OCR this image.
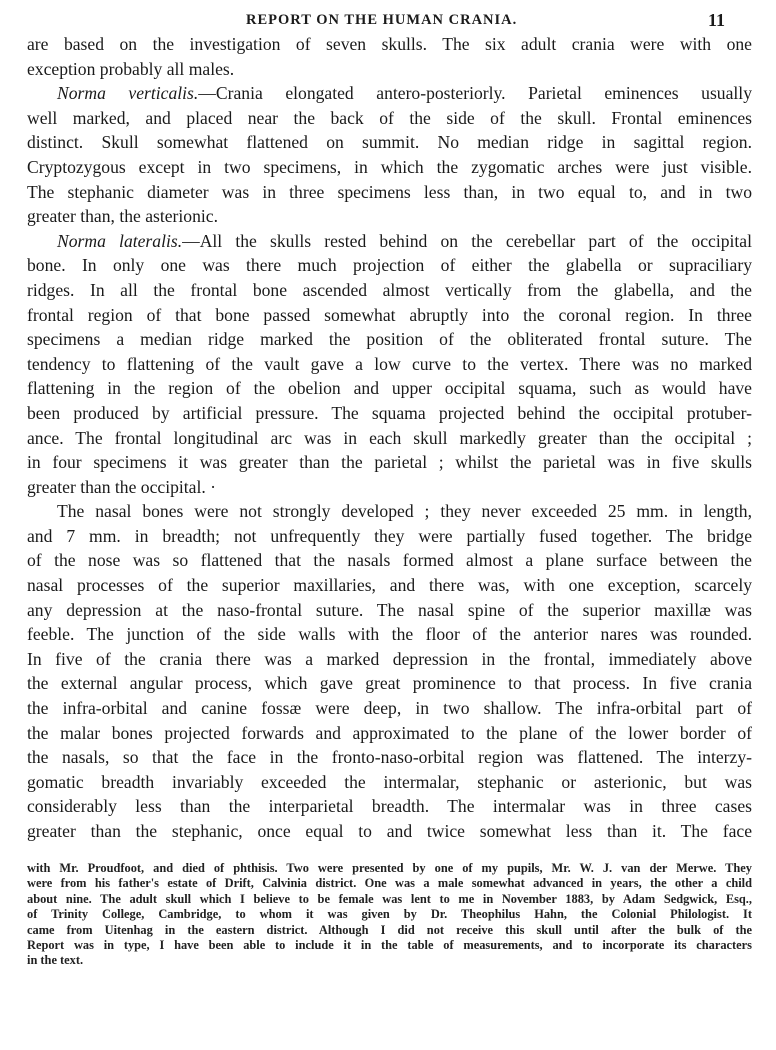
REPORT ON THE HUMAN CRANIA.	11
are based on the investigation of seven skulls. The six adult crania were with one
exception probably all males.
Norma verticalis.—Crania elongated antero-posteriorly. Parietal eminences usually
well marked, and placed near the back of the side of the skull. Frontal eminences
distinct. Skull somewhat flattened on summit. No median ridge in sagittal region.
Cryptozygous except in two specimens, in which the zygomatic arches were just visible.
The stephanic diameter was in three specimens less than, in two equal to, and in two
greater than, the asterionic.
Norma lateralis.—All the skulls rested behind on the cerebellar part of the occipital
bone. In only one was there much projection of either the glabella or supraciliary
ridges. In all the frontal bone ascended almost vertically from the glabella, and the
frontal region of that bone passed somewhat abruptly into the coronal region. In three
specimens a median ridge marked the position of the obliterated frontal suture. The
tendency to flattening of the vault gave a low curve to the vertex. There was no marked
flattening in the region of the obelion and upper occipital squama, such as would have
been produced by artificial pressure. The squama projected behind the occipital protuber-
ance. The frontal longitudinal arc was in each skull markedly greater than the occipital ;
in four specimens it was greater than the parietal ; whilst the parietal was in five skulls
greater than the occipital. ·
The nasal bones were not strongly developed ; they never exceeded 25 mm. in length,
and 7 mm. in breadth; not unfrequently they were partially fused together. The bridge
of the nose was so flattened that the nasals formed almost a plane surface between the
nasal processes of the superior maxillaries, and there was, with one exception, scarcely
any depression at the naso-frontal suture. The nasal spine of the superior maxillæ was
feeble. The junction of the side walls with the floor of the anterior nares was rounded.
In five of the crania there was a marked depression in the frontal, immediately above
the external angular process, which gave great prominence to that process. In five crania
the infra-orbital and canine fossæ were deep, in two shallow. The infra-orbital part of
the malar bones projected forwards and approximated to the plane of the lower border of
the nasals, so that the face in the fronto-naso-orbital region was flattened. The interzy-
gomatic breadth invariably exceeded the intermalar, stephanic or asterionic, but was
considerably less than the interparietal breadth. The intermalar was in three cases
greater than the stephanic, once equal to and twice somewhat less than it. The face
with Mr. Proudfoot, and died of phthisis. Two were presented by one of my pupils, Mr. W. J. van der Merwe. They
were from his father's estate of Drift, Calvinia district. One was a male somewhat advanced in years, the other a child
about nine. The adult skull which I believe to be female was lent to me in November 1883, by Adam Sedgwick, Esq.,
of Trinity College, Cambridge, to whom it was given by Dr. Theophilus Hahn, the Colonial Philologist. It
came from Uitenhag in the eastern district. Although I did not receive this skull until after the bulk of the
Report was in type, I have been able to include it in the table of measurements, and to incorporate its characters
in the text.
